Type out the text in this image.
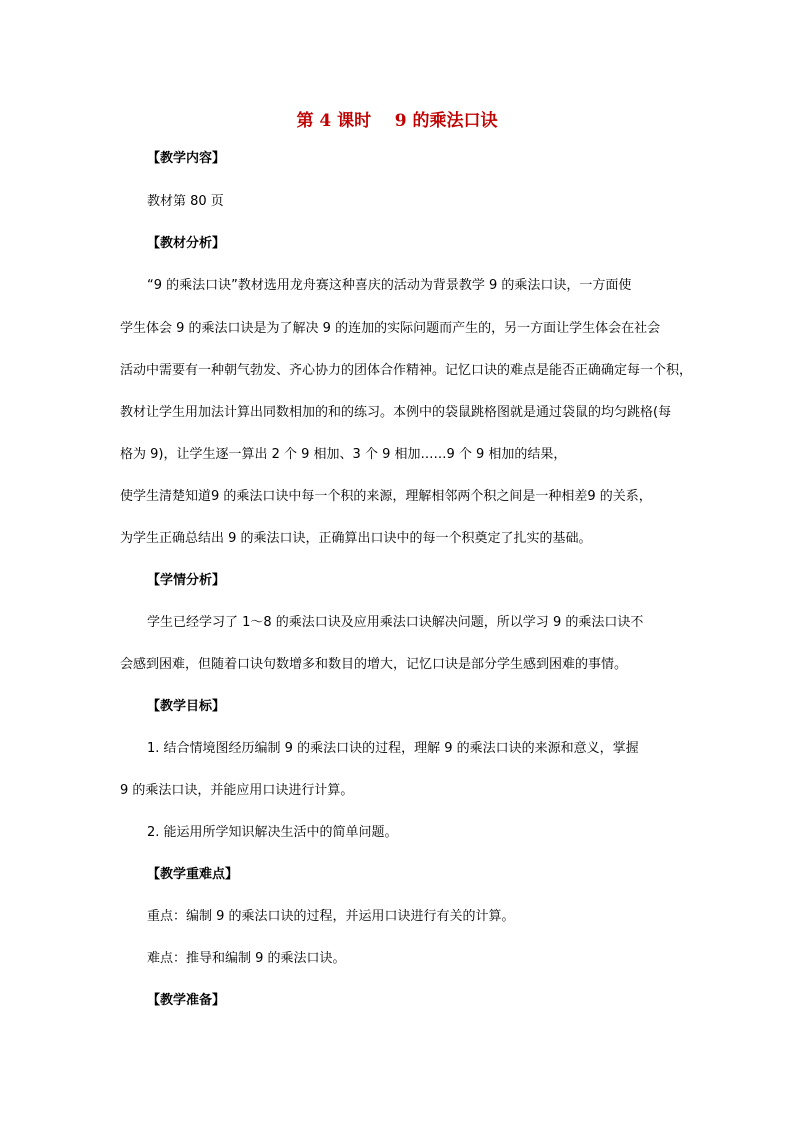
第 4 课时    9 的乘法口诀
【教学内容】
教材第 80 页
【教材分析】
“9 的乘法口诀”教材选用龙舟赛这种喜庆的活动为背景教学 9 的乘法口诀，一方面使
学生体会 9 的乘法口诀是为了解决 9 的连加的实际问题而产生的，另一方面让学生体会在社会
活动中需要有一种朝气勃发、齐心协力的团体合作精神。记忆口诀的难点是能否正确确定每一个积，
教材让学生用加法计算出同数相加的和的练习。本例中的袋鼠跳格图就是通过袋鼠的均匀跳格(每
格为 9)，让学生逐一算出 2 个 9 相加、3 个 9 相加……9 个 9 相加的结果，
使学生清楚知道9 的乘法口诀中每一个积的来源，理解相邻两个积之间是一种相差9 的关系，
为学生正确总结出 9 的乘法口诀，正确算出口诀中的每一个积奠定了扎实的基础。
【学情分析】
学生已经学习了 1～8 的乘法口诀及应用乘法口诀解决问题，所以学习 9 的乘法口诀不
会感到困难，但随着口诀句数增多和数目的增大，记忆口诀是部分学生感到困难的事情。
【教学目标】
1. 结合情境图经历编制 9 的乘法口诀的过程，理解 9 的乘法口诀的来源和意义，掌握
9 的乘法口诀，并能应用口诀进行计算。
2. 能运用所学知识解决生活中的简单问题。
【教学重难点】
重点：编制 9 的乘法口诀的过程，并运用口诀进行有关的计算。
难点：推导和编制 9 的乘法口诀。
【教学准备】
